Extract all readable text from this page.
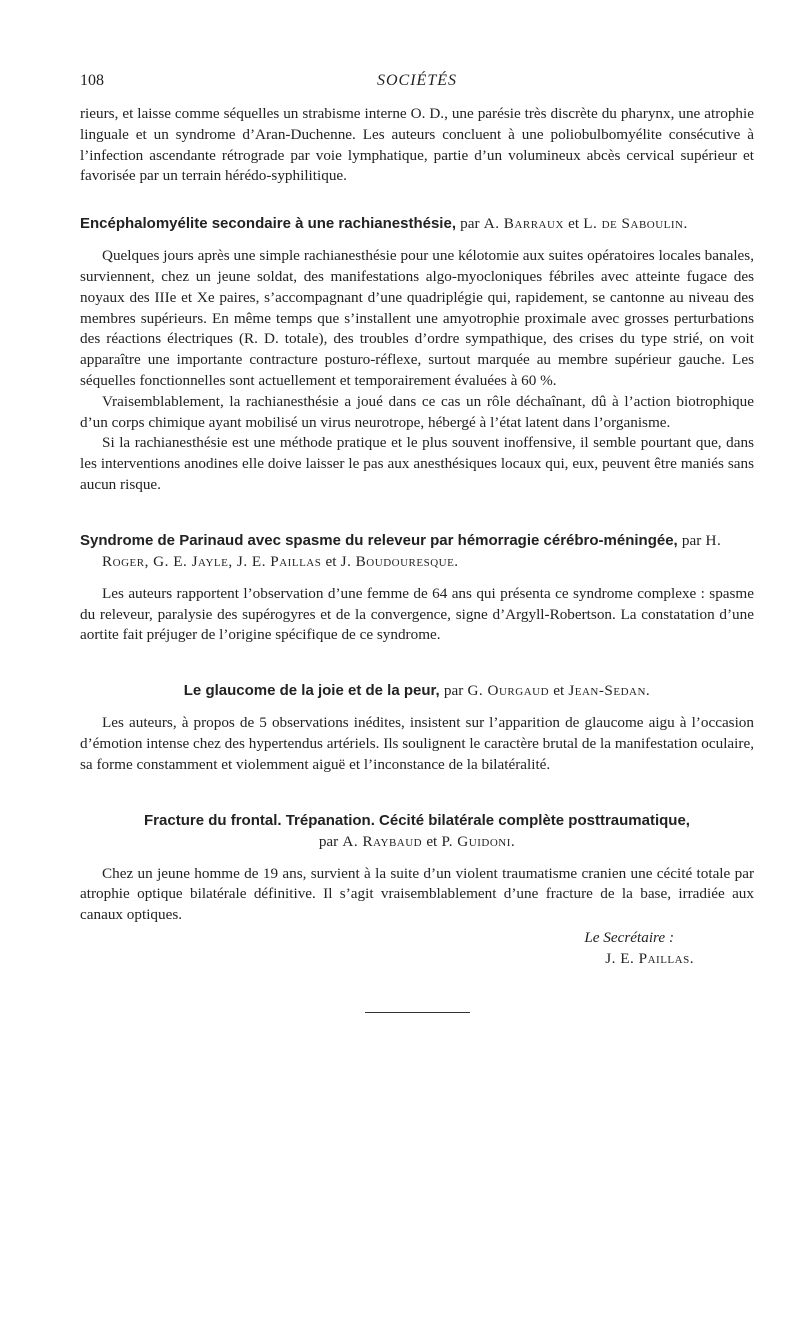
108	SOCIÉTÉS

rieurs, et laisse comme séquelles un strabisme interne O. D., une parésie très discrète du pharynx, une atrophie linguale et un syndrome d’Aran-Duchenne. Les auteurs concluent à une poliobulbomyélite consécutive à l’infection ascendante rétrograde par voie lymphatique, partie d’un volumineux abcès cervical supérieur et favorisée par un terrain hérédo-syphilitique.

Encéphalomyélite secondaire à une rachianesthésie, par A. Barraux et L. de Saboulin.

Quelques jours après une simple rachianesthésie pour une kélotomie aux suites opératoires locales banales, surviennent, chez un jeune soldat, des manifestations algo-myocloniques fébriles avec atteinte fugace des noyaux des IIIe et Xe paires, s’accompagnant d’une quadriplégie qui, rapidement, se cantonne au niveau des membres supérieurs. En même temps que s’installent une amyotrophie proximale avec grosses perturbations des réactions électriques (R. D. totale), des troubles d’ordre sympathique, des crises du type strié, on voit apparaître une importante contracture posturo-réflexe, surtout marquée au membre supérieur gauche. Les séquelles fonctionnelles sont actuellement et temporairement évaluées à 60 %.

Vraisemblablement, la rachianesthésie a joué dans ce cas un rôle déchaînant, dû à l’action biotrophique d’un corps chimique ayant mobilisé un virus neurotrope, hébergé à l’état latent dans l’organisme.

Si la rachianesthésie est une méthode pratique et le plus souvent inoffensive, il semble pourtant que, dans les interventions anodines elle doive laisser le pas aux anesthésiques locaux qui, eux, peuvent être maniés sans aucun risque.

Syndrome de Parinaud avec spasme du releveur par hémorragie cérébro-méningée, par H. Roger, G. E. Jayle, J. E. Paillas et J. Boudouresque.

Les auteurs rapportent l’observation d’une femme de 64 ans qui présenta ce syndrome complexe : spasme du releveur, paralysie des supérogyres et de la convergence, signe d’Argyll-Robertson. La constatation d’une aortite fait préjuger de l’origine spécifique de ce syndrome.

Le glaucome de la joie et de la peur, par G. Ourgaud et Jean-Sedan.

Les auteurs, à propos de 5 observations inédites, insistent sur l’apparition de glaucome aigu à l’occasion d’émotion intense chez des hypertendus artériels. Ils soulignent le caractère brutal de la manifestation oculaire, sa forme constamment et violemment aiguë et l’inconstance de la bilatéralité.

Fracture du frontal. Trépanation. Cécité bilatérale complète posttraumatique,
par A. Raybaud et P. Guidoni.

Chez un jeune homme de 19 ans, survient à la suite d’un violent traumatisme cranien une cécité totale par atrophie optique bilatérale définitive. Il s’agit vraisemblablement d’une fracture de la base, irradiée aux canaux optiques.

Le Secrétaire :

J. E. Paillas.
